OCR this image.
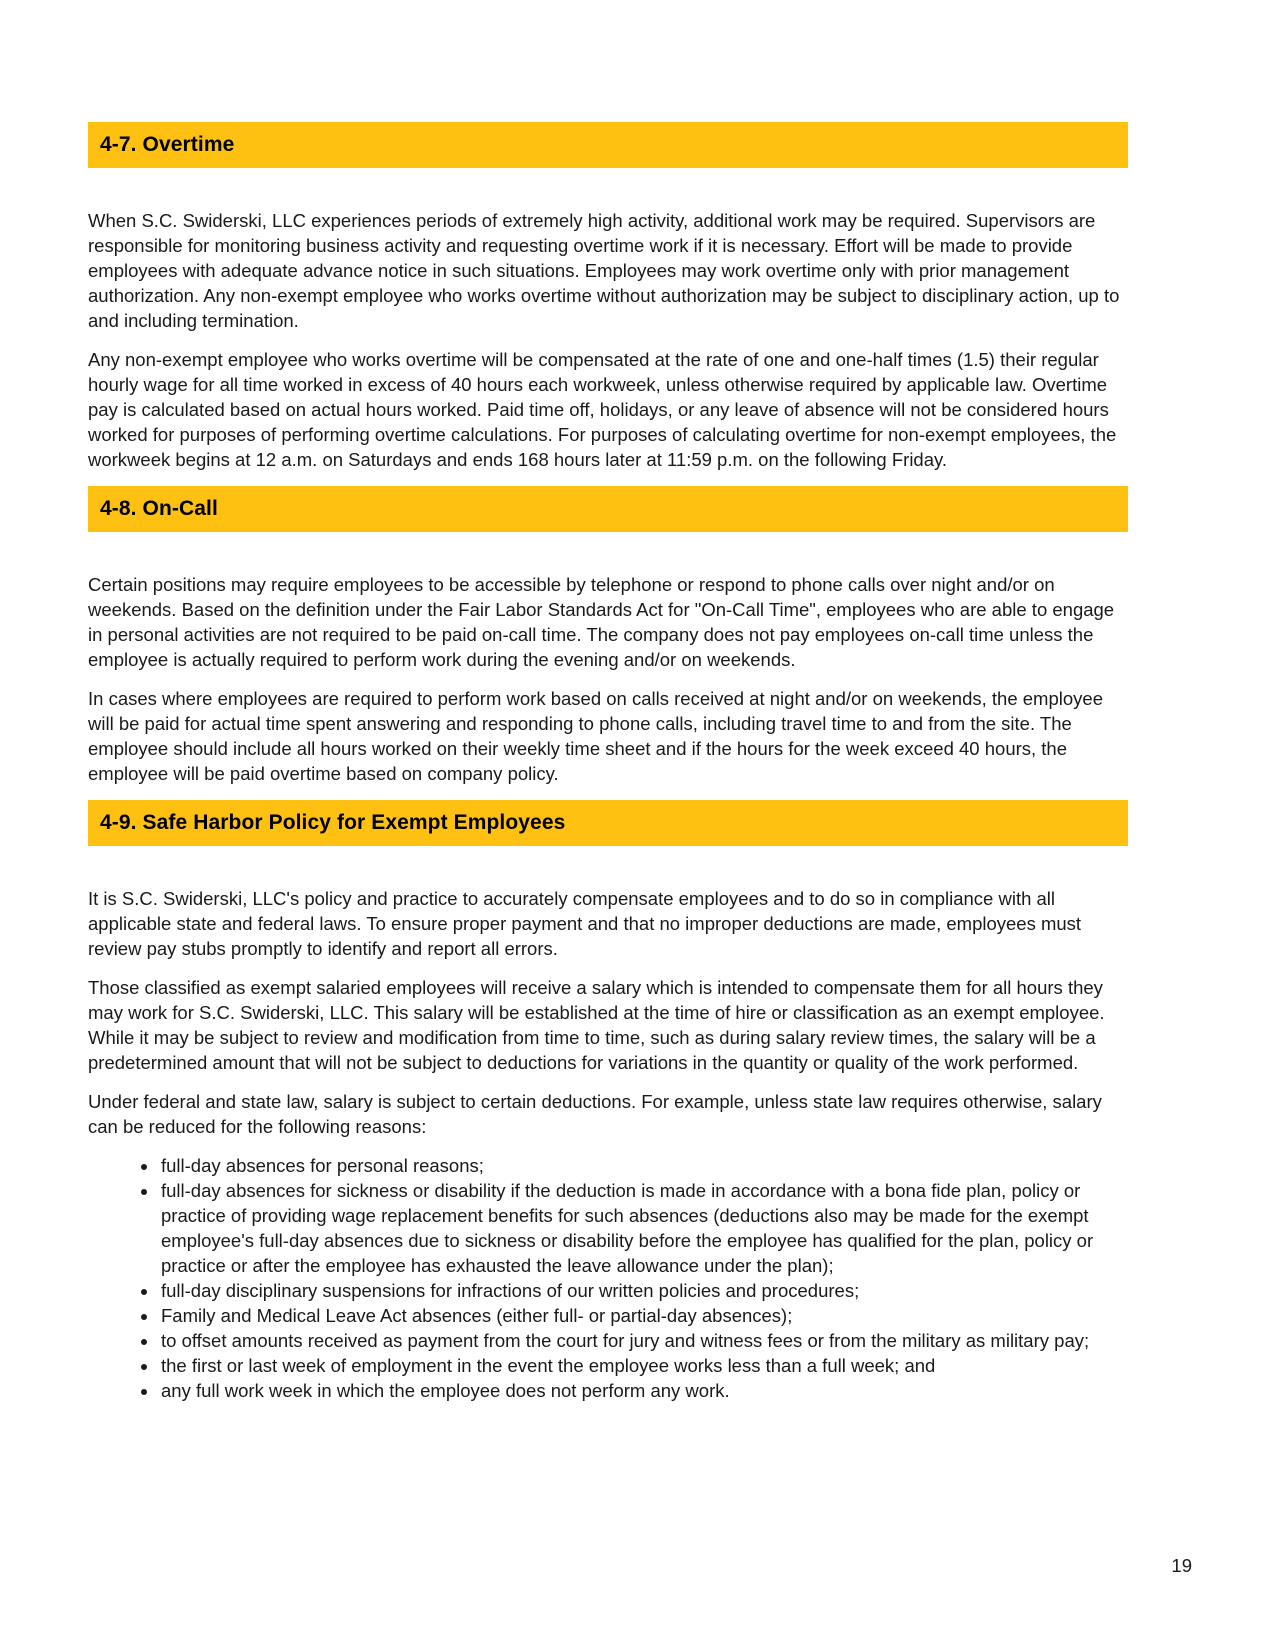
4-7. Overtime

When S.C. Swiderski, LLC experiences periods of extremely high activity, additional work may be required. Supervisors are responsible for monitoring business activity and requesting overtime work if it is necessary. Effort will be made to provide employees with adequate advance notice in such situations. Employees may work overtime only with prior management authorization. Any non-exempt employee who works overtime without authorization may be subject to disciplinary action, up to and including termination.

Any non-exempt employee who works overtime will be compensated at the rate of one and one-half times (1.5) their regular hourly wage for all time worked in excess of 40 hours each workweek, unless otherwise required by applicable law. Overtime pay is calculated based on actual hours worked. Paid time off, holidays, or any leave of absence will not be considered hours worked for purposes of performing overtime calculations. For purposes of calculating overtime for non-exempt employees, the workweek begins at 12 a.m. on Saturdays and ends 168 hours later at 11:59 p.m. on the following Friday.

4-8. On-Call

Certain positions may require employees to be accessible by telephone or respond to phone calls over night and/or on weekends. Based on the definition under the Fair Labor Standards Act for "On-Call Time", employees who are able to engage in personal activities are not required to be paid on-call time. The company does not pay employees on-call time unless the employee is actually required to perform work during the evening and/or on weekends.

In cases where employees are required to perform work based on calls received at night and/or on weekends, the employee will be paid for actual time spent answering and responding to phone calls, including travel time to and from the site. The employee should include all hours worked on their weekly time sheet and if the hours for the week exceed 40 hours, the employee will be paid overtime based on company policy.

4-9. Safe Harbor Policy for Exempt Employees

It is S.C. Swiderski, LLC's policy and practice to accurately compensate employees and to do so in compliance with all applicable state and federal laws. To ensure proper payment and that no improper deductions are made, employees must review pay stubs promptly to identify and report all errors.

Those classified as exempt salaried employees will receive a salary which is intended to compensate them for all hours they may work for S.C. Swiderski, LLC. This salary will be established at the time of hire or classification as an exempt employee. While it may be subject to review and modification from time to time, such as during salary review times, the salary will be a predetermined amount that will not be subject to deductions for variations in the quantity or quality of the work performed.

Under federal and state law, salary is subject to certain deductions. For example, unless state law requires otherwise, salary can be reduced for the following reasons:

• full-day absences for personal reasons;
• full-day absences for sickness or disability if the deduction is made in accordance with a bona fide plan, policy or practice of providing wage replacement benefits for such absences (deductions also may be made for the exempt employee's full-day absences due to sickness or disability before the employee has qualified for the plan, policy or practice or after the employee has exhausted the leave allowance under the plan);
• full-day disciplinary suspensions for infractions of our written policies and procedures;
• Family and Medical Leave Act absences (either full- or partial-day absences);
• to offset amounts received as payment from the court for jury and witness fees or from the military as military pay;
• the first or last week of employment in the event the employee works less than a full week; and
• any full work week in which the employee does not perform any work.
19
